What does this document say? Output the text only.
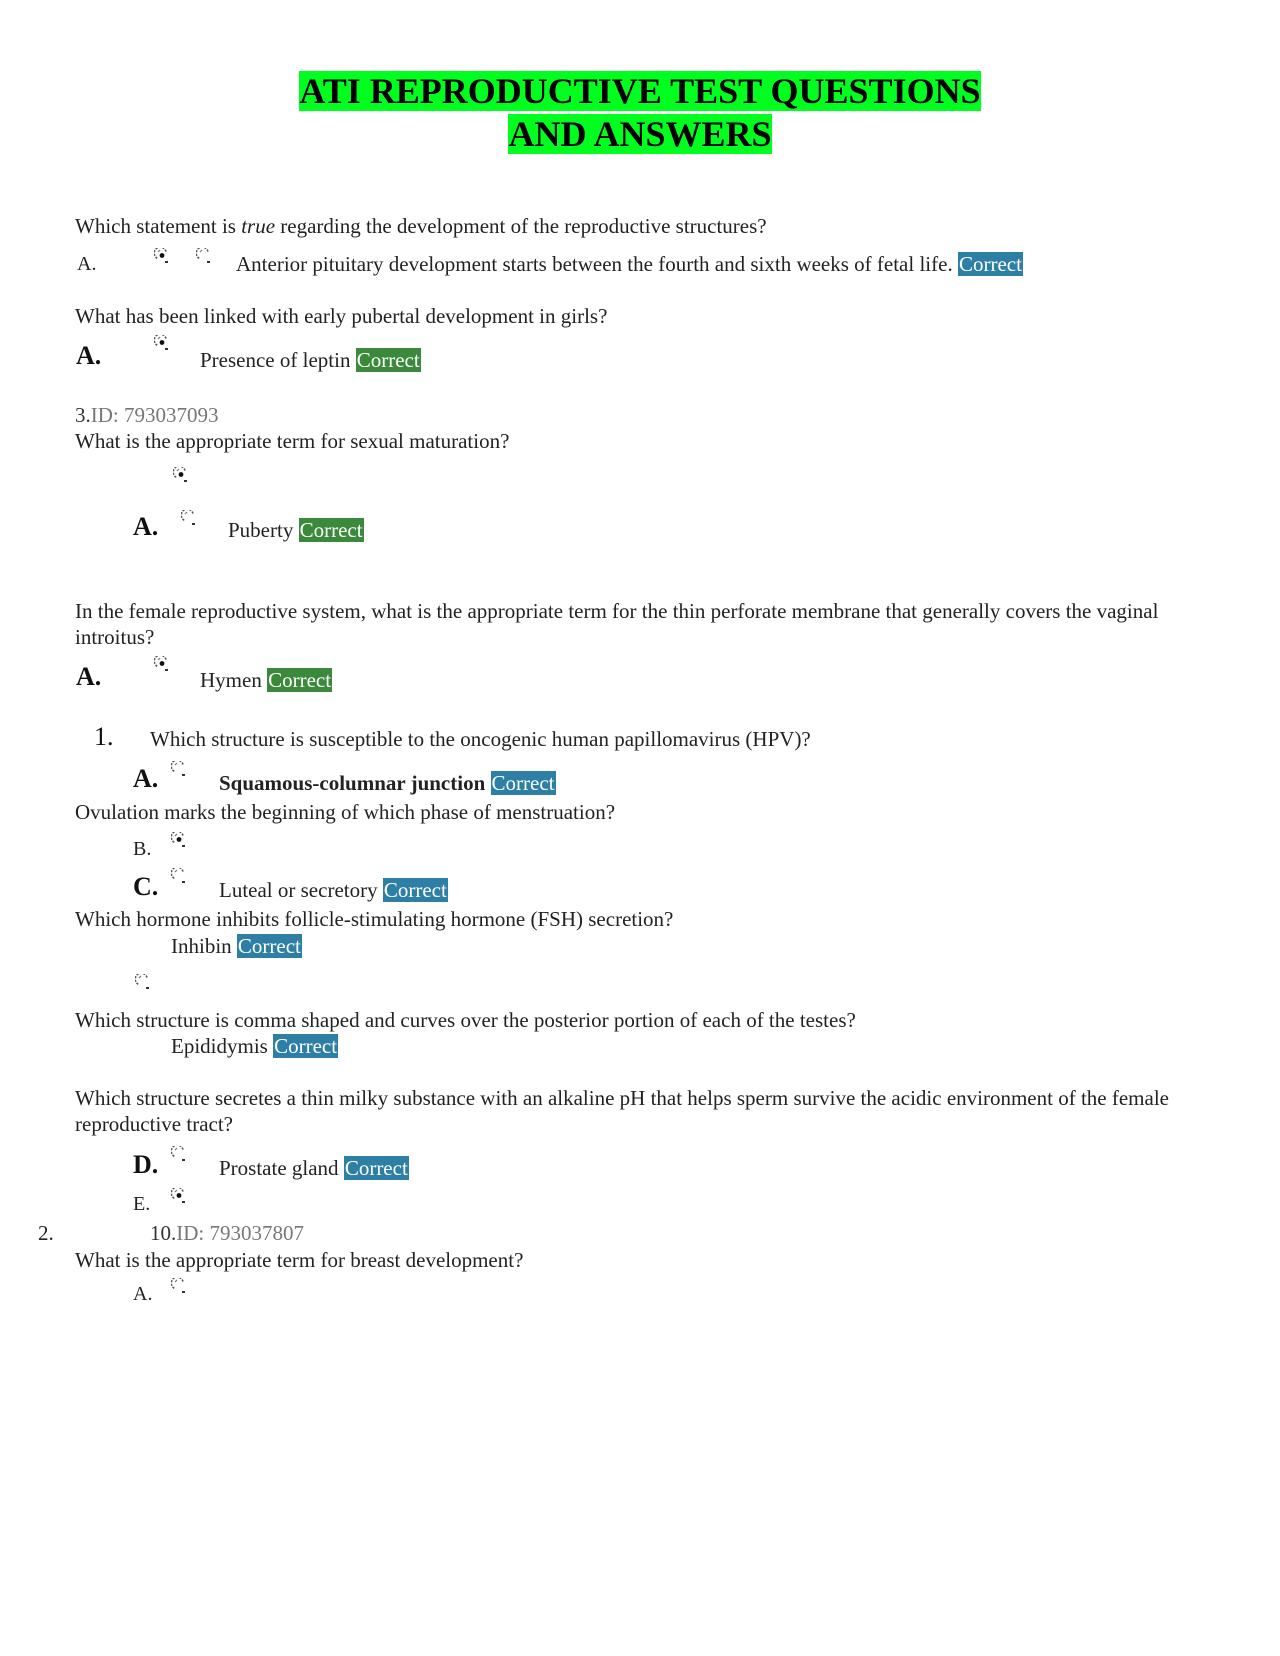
ATI REPRODUCTIVE TEST QUESTIONS
AND ANSWERS
Which statement is true regarding the development of the reproductive structures?
A.	Anterior pituitary development starts between the fourth and sixth weeks of fetal life. Correct
What has been linked with early pubertal development in girls?
A.	Presence of leptin Correct
3.ID: 793037093
What is the appropriate term for sexual maturation?
A.	Puberty Correct
In the female reproductive system, what is the appropriate term for the thin perforate membrane that generally covers the vaginal introitus?
A.	Hymen Correct
1. Which structure is susceptible to the oncogenic human papillomavirus (HPV)?
A.	Squamous-columnar junction Correct
Ovulation marks the beginning of which phase of menstruation?
B.
C.	Luteal or secretory Correct
Which hormone inhibits follicle-stimulating hormone (FSH) secretion?
Inhibin Correct
Which structure is comma shaped and curves over the posterior portion of each of the testes?
Epididymis Correct
Which structure secretes a thin milky substance with an alkaline pH that helps sperm survive the acidic environment of the female reproductive tract?
D.	Prostate gland Correct
E.
2.	10.ID: 793037807
What is the appropriate term for breast development?
A.
